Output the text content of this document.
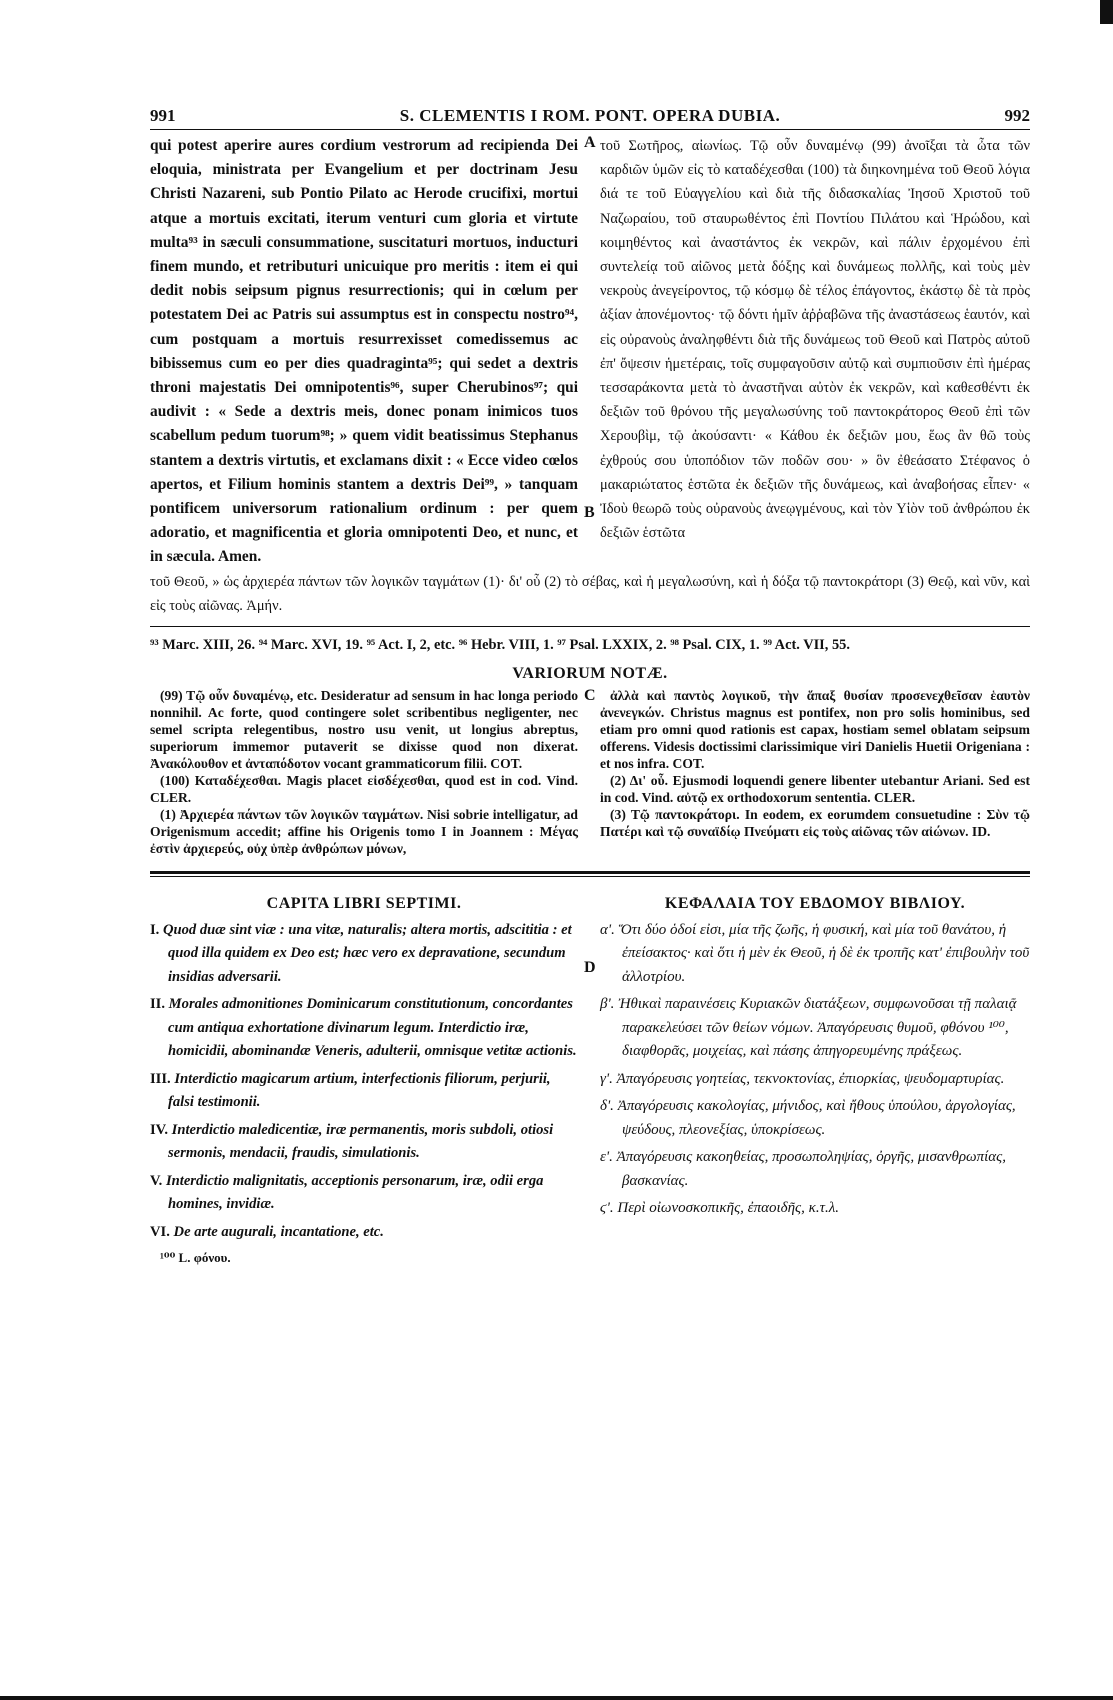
991	S. CLEMENTIS I ROM. PONT. OPERA DUBIA.	992
A
B
qui potest aperire aures cordium vestrorum ad recipienda Dei eloquia, ministrata per Evangelium et per doctrinam Jesu Christi Nazareni, sub Pontio Pilato ac Herode crucifixi, mortui atque a mortuis excitati, iterum venturi cum gloria et virtute multa⁹³ in sæculi consummatione, suscitaturi mortuos, inducturi finem mundo, et retributuri unicuique pro meritis : item ei qui dedit nobis seipsum pignus resurrectionis; qui in cœlum per potestatem Dei ac Patris sui assumptus est in conspectu nostro⁹⁴, cum postquam a mortuis resurrexisset comedissemus ac bibissemus cum eo per dies quadraginta⁹⁵; qui sedet a dextris throni majestatis Dei omnipotentis⁹⁶, super Cherubinos⁹⁷; qui audivit : « Sede a dextris meis, donec ponam inimicos tuos scabellum pedum tuorum⁹⁸; » quem vidit beatissimus Stephanus stantem a dextris virtutis, et exclamans dixit : « Ecce video cœlos apertos, et Filium hominis stantem a dextris Dei⁹⁹, » tanquam pontificem universorum rationalium ordinum : per quem adoratio, et magnificentia et gloria omnipotenti Deo, et nunc, et in sæcula. Amen.
τοῦ Σωτῆρος, αἰωνίως. Τῷ οὖν δυναμένῳ (99) ἀνοῖξαι τὰ ὦτα τῶν καρδιῶν ὑμῶν εἰς τὸ καταδέχεσθαι (100) τὰ διηκονημένα τοῦ Θεοῦ λόγια διά τε τοῦ Εὐαγγελίου καὶ διὰ τῆς διδασκαλίας Ἰησοῦ Χριστοῦ τοῦ Ναζωραίου, τοῦ σταυρωθέντος ἐπὶ Ποντίου Πιλάτου καὶ Ἡρώδου, καὶ κοιμηθέντος καὶ ἀναστάντος ἐκ νεκρῶν, καὶ πάλιν ἐρχομένου ἐπὶ συντελείᾳ τοῦ αἰῶνος μετὰ δόξης καὶ δυνάμεως πολλῆς, καὶ τοὺς μὲν νεκροὺς ἀνεγείροντος, τῷ κόσμῳ δὲ τέλος ἐπάγοντος, ἑκάστῳ δὲ τὰ πρὸς ἀξίαν ἀπονέμοντος· τῷ δόντι ἡμῖν ἀῤῥαβῶνα τῆς ἀναστάσεως ἑαυτόν, καὶ εἰς οὐρανοὺς ἀναληφθέντι διὰ τῆς δυνάμεως τοῦ Θεοῦ καὶ Πατρὸς αὐτοῦ ἐπ' ὄψεσιν ἡμετέραις, τοῖς συμφαγοῦσιν αὐτῷ καὶ συμπιοῦσιν ἐπὶ ἡμέρας τεσσαράκοντα μετὰ τὸ ἀναστῆναι αὐτὸν ἐκ νεκρῶν, καὶ καθεσθέντι ἐκ δεξιῶν τοῦ θρόνου τῆς μεγαλωσύνης τοῦ παντοκράτορος Θεοῦ ἐπὶ τῶν Χερουβὶμ, τῷ ἀκούσαντι· « Κάθου ἐκ δεξιῶν μου, ἕως ἂν θῶ τοὺς ἐχθρούς σου ὑποπόδιον τῶν ποδῶν σου· » ὃν ἐθεάσατο Στέφανος ὁ μακαριώτατος ἑστῶτα ἐκ δεξιῶν τῆς δυνάμεως, καὶ ἀναβοήσας εἶπεν· « Ἰδοὺ θεωρῶ τοὺς οὐρανοὺς ἀνεῳγμένους, καὶ τὸν Υἱὸν τοῦ ἀνθρώπου ἐκ δεξιῶν ἑστῶτα
τοῦ Θεοῦ, » ὡς ἀρχιερέα πάντων τῶν λογικῶν ταγμάτων (1)· δι' οὗ (2) τὸ σέβας, καὶ ἡ μεγαλωσύνη, καὶ ἡ δόξα τῷ παντοκράτορι (3) Θεῷ, καὶ νῦν, καὶ εἰς τοὺς αἰῶνας. Ἀμήν.
⁹³ Marc. XIII, 26. ⁹⁴ Marc. XVI, 19. ⁹⁵ Act. I, 2, etc. ⁹⁶ Hebr. VIII, 1. ⁹⁷ Psal. LXXIX, 2. ⁹⁸ Psal. CIX, 1. ⁹⁹ Act. VII, 55.
VARIORUM NOTÆ.
C

(99) Τῷ οὖν δυναμένῳ, etc. Desideratur ad sensum in hac longa periodo nonnihil. Ac forte, quod contingere solet scribentibus negligenter, nec semel scripta relegentibus, nostro usu venit, ut longius abreptus, superiorum immemor putaverit se dixisse quod non dixerat. Ἀνακόλουθον et ἀνταπόδοτον vocant grammaticorum filii. COT.

(100) Καταδέχεσθαι. Magis placet εἰσδέχεσθαι, quod est in cod. Vind. CLER.

(1) Ἀρχιερέα πάντων τῶν λογικῶν ταγμάτων. Nisi sobrie intelligatur, ad Origenismum accedit; affine his Origenis tomo I in Joannem : Μέγας ἐστὶν ἀρχιερεύς, οὐχ ὑπὲρ ἀνθρώπων μόνων,

ἀλλὰ καὶ παντὸς λογικοῦ, τὴν ἅπαξ θυσίαν προσενεχθεῖσαν ἑαυτὸν ἀνενεγκών. Christus magnus est pontifex, non pro solis hominibus, sed etiam pro omni quod rationis est capax, hostiam semel oblatam seipsum offerens. Videsis doctissimi clarissimique viri Danielis Huetii Origeniana : et nos infra. COT.

(2) Δι' οὗ. Ejusmodi loquendi genere libenter utebantur Ariani. Sed est in cod. Vind. αὐτῷ ex orthodoxorum sententia. CLER.

(3) Τῷ παντοκράτορι. In eodem, ex eorumdem consuetudine : Σὺν τῷ Πατέρι καὶ τῷ συναϊδίῳ Πνεύματι εἰς τοὺς αἰῶνας τῶν αἰώνων. ID.

D
CAPITA LIBRI SEPTIMI.
I. Quod duæ sint viæ : una vitæ, naturalis; altera mortis, adscititia : et quod illa quidem ex Deo est; hæc vero ex depravatione, secundum insidias adversarii.
II. Morales admonitiones Dominicarum constitutionum, concordantes cum antiqua exhortatione divinarum legum. Interdictio iræ, homicidii, abominandæ Veneris, adulterii, omnisque vetitæ actionis.
III. Interdictio magicarum artium, interfectionis filiorum, perjurii, falsi testimonii.
IV. Interdictio maledicentiæ, iræ permanentis, moris subdoli, otiosi sermonis, mendacii, fraudis, simulationis.
V. Interdictio malignitatis, acceptionis personarum, iræ, odii erga homines, invidiæ.
VI. De arte augurali, incantatione, etc.
¹⁰⁰ L. φόνου.
ΚΕΦΑΛΑΙΑ ΤΟΥ ΕΒΔΟΜΟΥ ΒΙΒΛΙΟΥ.
α'. Ὅτι δύο ὁδοί εἰσι, μία τῆς ζωῆς, ἡ φυσική, καὶ μία τοῦ θανάτου, ἡ ἐπείσακτος· καὶ ὅτι ἡ μὲν ἐκ Θεοῦ, ἡ δὲ ἐκ τροπῆς κατ' ἐπιβουλὴν τοῦ ἀλλοτρίου.
β'. Ἠθικαὶ παραινέσεις Κυριακῶν διατάξεων, συμφωνοῦσαι τῇ παλαιᾷ παρακελεύσει τῶν θείων νόμων. Ἀπαγόρευσις θυμοῦ, φθόνου ¹⁰⁰, διαφθορᾶς, μοιχείας, καὶ πάσης ἀπηγορευμένης πράξεως.
γ'. Ἀπαγόρευσις γοητείας, τεκνοκτονίας, ἐπιορκίας, ψευδομαρτυρίας.
δ'. Ἀπαγόρευσις κακολογίας, μήνιδος, καὶ ἤθους ὑπούλου, ἀργολογίας, ψεύδους, πλεονεξίας, ὑποκρίσεως.
ε'. Ἀπαγόρευσις κακοηθείας, προσωποληψίας, ὀργῆς, μισανθρωπίας, βασκανίας.
ϛ'. Περὶ οἰωνοσκοπικῆς, ἐπαοιδῆς, κ.τ.λ.
